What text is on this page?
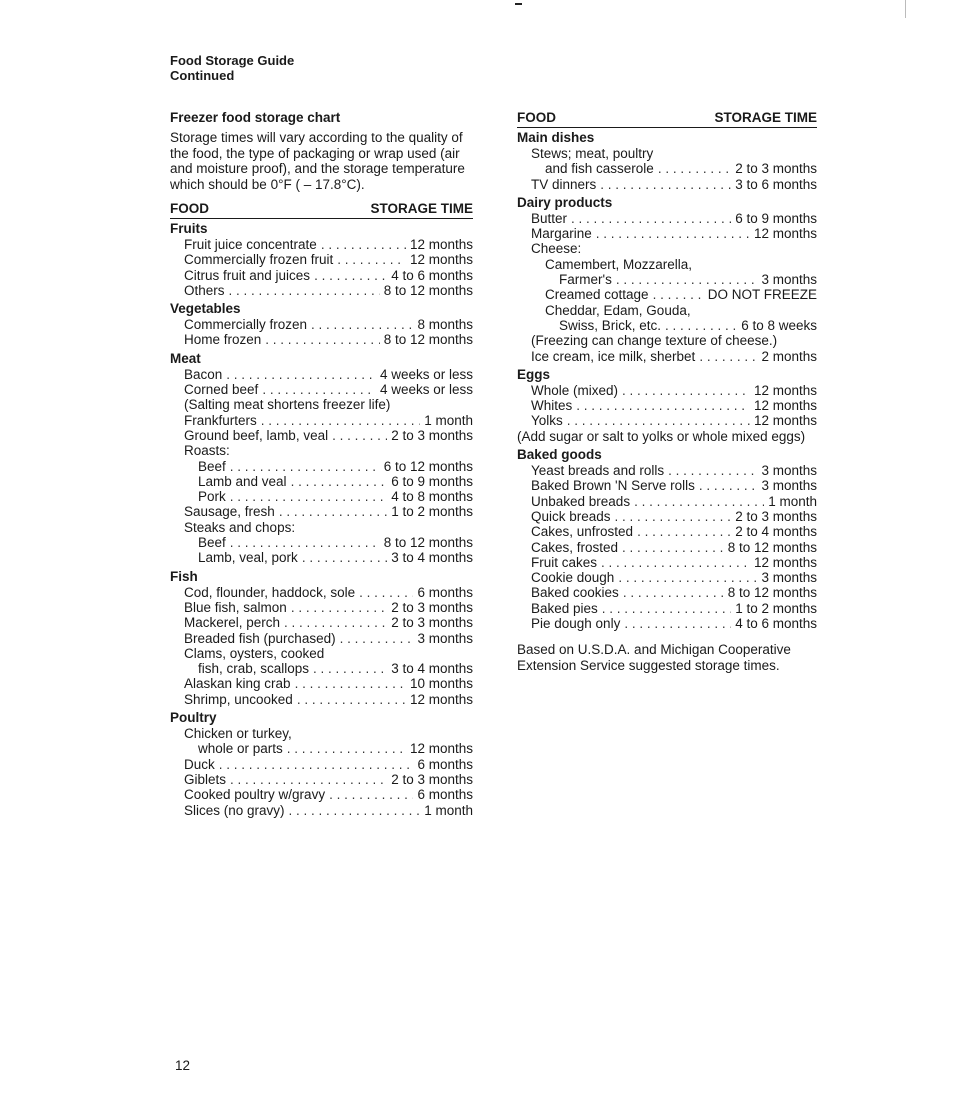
Food Storage Guide
Continued
Freezer food storage chart
Storage times will vary according to the quality of the food, the type of packaging or wrap used (air and moisture proof), and the storage temperature which should be 0°F ( – 17.8°C).
FOOD	STORAGE TIME
Fruits
Fruit juice concentrate . . .	12 months
Commercially frozen fruit . . .	12 months
Citrus fruit and juices . . .	4 to 6 months
Others . . .	8 to 12 months
Vegetables
Commercially frozen . . .	8 months
Home frozen . . .	8 to 12 months
Meat
Bacon . . .	4 weeks or less
Corned beef . . .	4 weeks or less
(Salting meat shortens freezer life)
Frankfurters . . .	1 month
Ground beef, lamb, veal . . .	2 to 3 months
Roasts:
Beef . . .	6 to 12 months
Lamb and veal . . .	6 to 9 months
Pork . . .	4 to 8 months
Sausage, fresh . . .	1 to 2 months
Steaks and chops:
Beef . . .	8 to 12 months
Lamb, veal, pork . . .	3 to 4 months
Fish
Cod, flounder, haddock, sole . . .	6 months
Blue fish, salmon . . .	2 to 3 months
Mackerel, perch . . .	2 to 3 months
Breaded fish (purchased) . . .	3 months
Clams, oysters, cooked
fish, crab, scallops . . .	3 to 4 months
Alaskan king crab . . .	10 months
Shrimp, uncooked . . .	12 months
Poultry
Chicken or turkey,
whole or parts . . .	12 months
Duck . . .	6 months
Giblets . . .	2 to 3 months
Cooked poultry w/gravy . . .	6 months
Slices (no gravy) . . .	1 month
FOOD	STORAGE TIME
Main dishes
Stews; meat, poultry
and fish casserole . . .	2 to 3 months
TV dinners . . .	3 to 6 months
Dairy products
Butter . . .	6 to 9 months
Margarine . . .	12 months
Cheese:
Camembert, Mozzarella,
Farmer's . . .	3 months
Creamed cottage . . .	DO NOT FREEZE
Cheddar, Edam, Gouda,
Swiss, Brick, etc. . . .	6 to 8 weeks
(Freezing can change texture of cheese.)
Ice cream, ice milk, sherbet . . .	2 months
Eggs
Whole (mixed) . . .	12 months
Whites . . .	12 months
Yolks . . .	12 months
(Add sugar or salt to yolks or whole mixed eggs)
Baked goods
Yeast breads and rolls . . .	3 months
Baked Brown 'N Serve rolls . . .	3 months
Unbaked breads . . .	1 month
Quick breads . . .	2 to 3 months
Cakes, unfrosted . . .	2 to 4 months
Cakes, frosted . . .	8 to 12 months
Fruit cakes . . .	12 months
Cookie dough . . .	3 months
Baked cookies . . .	8 to 12 months
Baked pies . . .	1 to 2 months
Pie dough only . . .	4 to 6 months
Based on U.S.D.A. and Michigan Cooperative Extension Service suggested storage times.
12
